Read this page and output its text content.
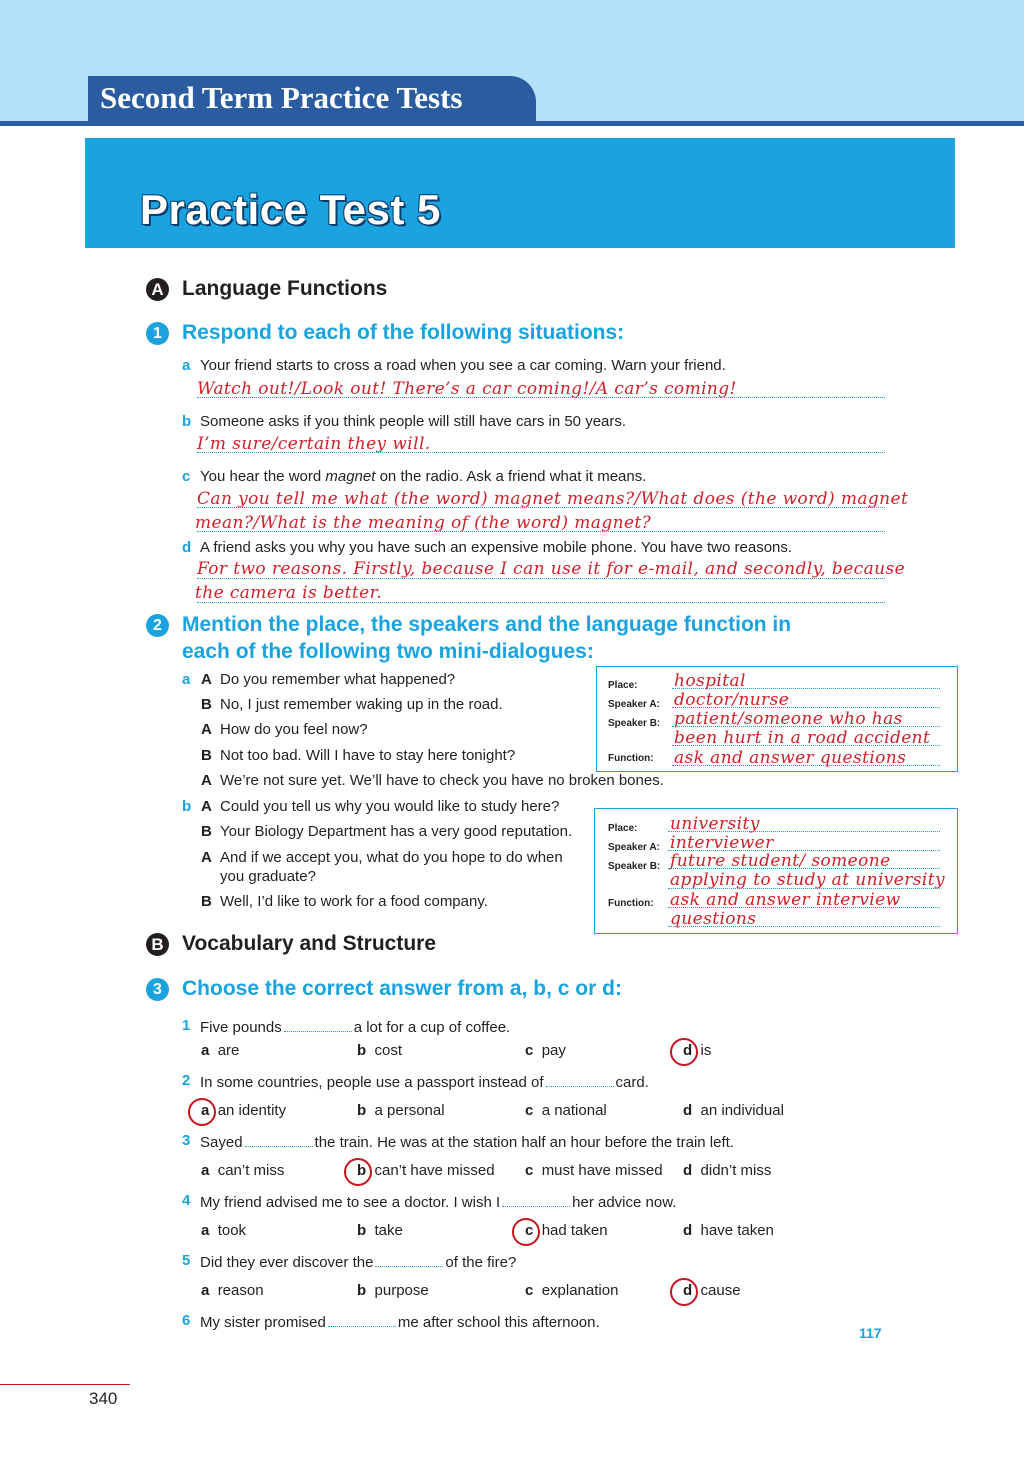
Second Term Practice Tests
Practice Test 5
A Language Functions
1 Respond to each of the following situations:
a Your friend starts to cross a road when you see a car coming. Warn your friend.
Watch out!/Look out! There’s a car coming!/A car’s coming!
b Someone asks if you think people will still have cars in 50 years.
I’m sure/certain they will.
c You hear the word magnet on the radio. Ask a friend what it means.
Can you tell me what (the word) magnet means?/What does (the word) magnet
mean?/What is the meaning of (the word) magnet?
d A friend asks you why you have such an expensive mobile phone. You have two reasons.
For two reasons. Firstly, because I can use it for e-mail, and secondly, because
the camera is better.
2 Mention the place, the speakers and the language function in
each of the following two mini-dialogues:
a A Do you remember what happened?
B No, I just remember waking up in the road.
A How do you feel now?
B Not too bad. Will I have to stay here tonight?
Place: hospital
Speaker A: doctor/nurse
Speaker B: patient/someone who has
been hurt in a road accident
Function: ask and answer questions
A We’re not sure yet. We’ll have to check you have no broken bones.
b A Could you tell us why you would like to study here?
B Your Biology Department has a very good reputation.
A And if we accept you, what do you hope to do when
you graduate?
B Well, I’d like to work for a food company.
Place: university
Speaker A: interviewer
Speaker B: future student/ someone
applying to study at university
Function: ask and answer interview
questions
B Vocabulary and Structure
3 Choose the correct answer from a, b, c or d:
1 Five pounds	a lot for a cup of coffee.
a are	b cost	c pay	d is
2 In some countries, people use a passport instead of	card.
a an identity	b a personal	c a national	d an individual
3 Sayed	the train. He was at the station half an hour before the train left.
a can’t miss	b can’t have missed c must have missed d didn’t miss
4 My friend advised me to see a doctor. I wish I	her advice now.
a took	b take	c had taken	d have taken
5 Did they ever discover the	of the fire?
a reason	b purpose	c explanation	d cause
6 My sister promised	me after school this afternoon.
117
340
